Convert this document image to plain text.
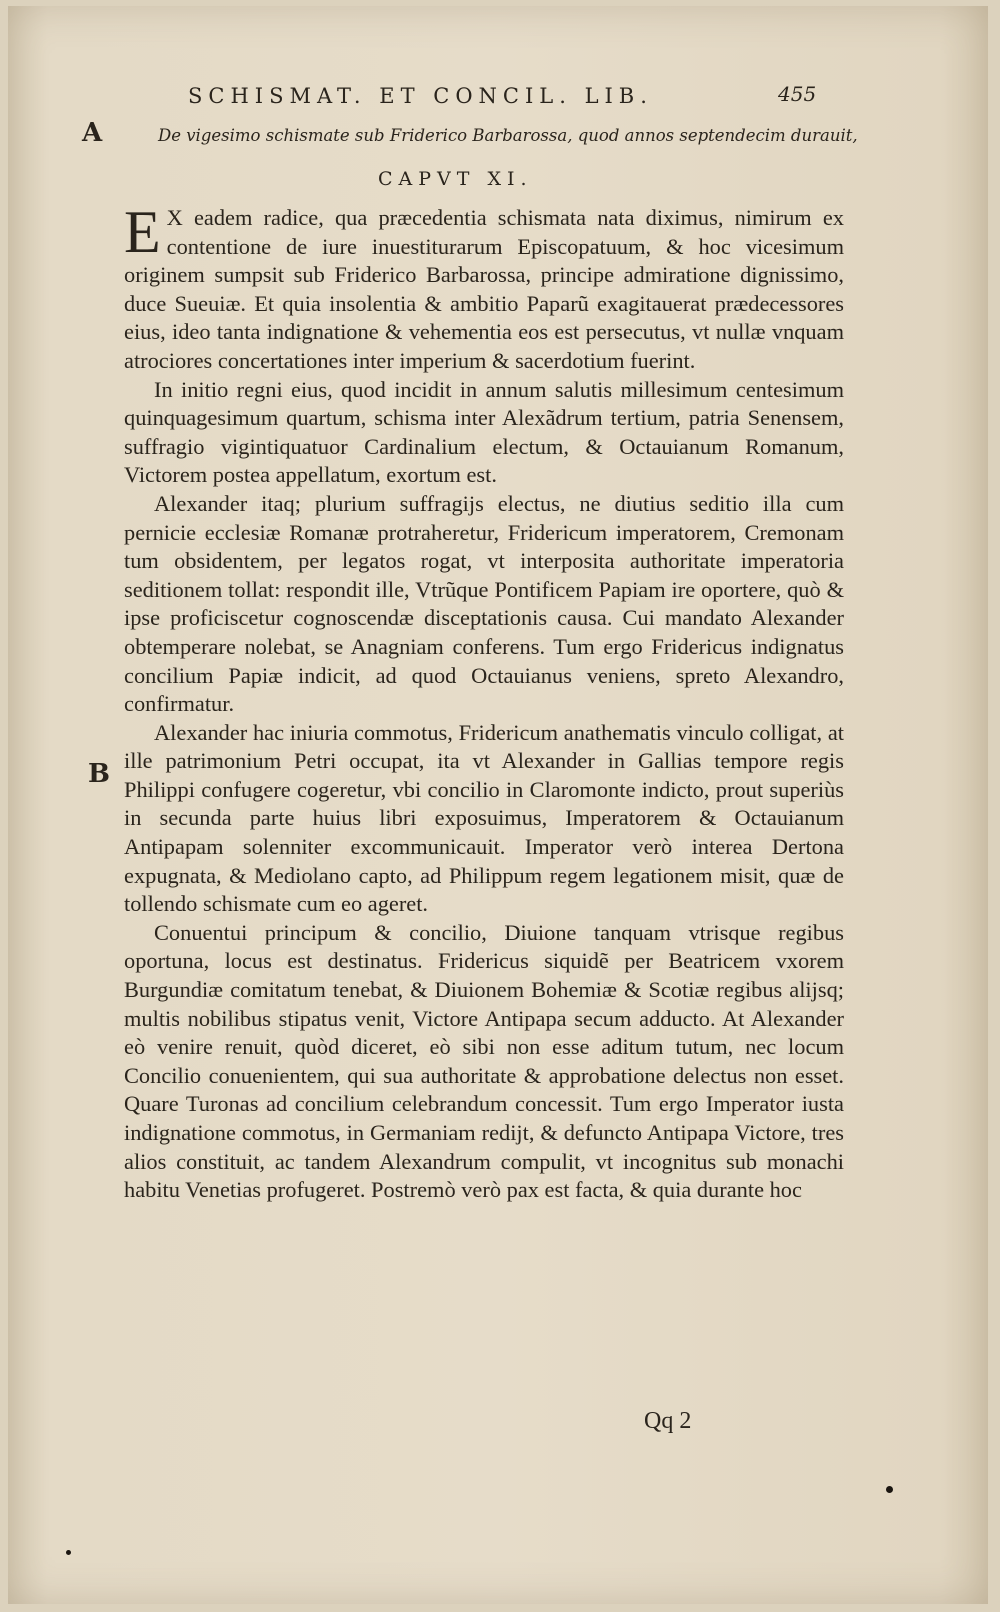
SCHISMAT. ET CONCIL. LIB.	455
A
B
De vigesimo schismate sub Friderico Barbarossa, quod annos septendecim durauit,
CAPVT XI.

E X eadem radice, qua præcedentia schismata nata diximus, nimirum ex contentione de iure inuestiturarum Episcopatuum, & hoc vicesimum originem sumpsit sub Friderico Barbarossa, principe admiratione dignissimo, duce Sueuiæ. Et quia insolentia & ambitio Paparũ exagitauerat prædecessores eius, ideo tanta indignatione & vehementia eos est persecutus, vt nullæ vnquam atrociores concertationes inter imperium & sacerdotium fuerint.

In initio regni eius, quod incidit in annum salutis millesimum centesimum quinquagesimum quartum, schisma inter Alexãdrum tertium, patria Senensem, suffragio vigintiquatuor Cardinalium electum, & Octauianum Romanum, Victorem postea appellatum, exortum est.

Alexander itaq; plurium suffragijs electus, ne diutius seditio illa cum pernicie ecclesiæ Romanæ protraheretur, Fridericum imperatorem, Cremonam tum obsidentem, per legatos rogat, vt interposita authoritate imperatoria seditionem tollat: respondit ille, Vtrũque Pontificem Papiam ire oportere, quò & ipse proficiscetur cognoscendæ disceptationis causa. Cui mandato Alexander obtemperare nolebat, se Anagniam conferens. Tum ergo Fridericus indignatus concilium Papiæ indicit, ad quod Octauianus veniens, spreto Alexandro, confirmatur.

Alexander hac iniuria commotus, Fridericum anathematis vinculo colligat, at ille patrimonium Petri occupat, ita vt Alexander in Gallias tempore regis Philippi confugere cogeretur, vbi concilio in Claromonte indicto, prout superiùs in secunda parte huius libri exposuimus, Imperatorem & Octauianum Antipapam solenniter excommunicauit. Imperator verò interea Dertona expugnata, & Mediolano capto, ad Philippum regem legationem misit, quæ de tollendo schismate cum eo ageret.

Conuentui principum & concilio, Diuione tanquam vtrisque regibus oportuna, locus est destinatus. Fridericus siquidẽ per Beatricem vxorem Burgundiæ comitatum tenebat, & Diuionem Bohemiæ & Scotiæ regibus alijsq; multis nobilibus stipatus venit, Victore Antipapa secum adducto. At Alexander eò venire renuit, quòd diceret, eò sibi non esse aditum tutum, nec locum Concilio conuenientem, qui sua authoritate & approbatione delectus non esset. Quare Turonas ad concilium celebrandum concessit. Tum ergo Imperator iusta indignatione commotus, in Germaniam redijt, & defuncto Antipapa Victore, tres alios constituit, ac tandem Alexandrum compulit, vt incognitus sub monachi habitu Venetias profugeret. Postremò verò pax est facta, & quia durante hoc

Qq 2
